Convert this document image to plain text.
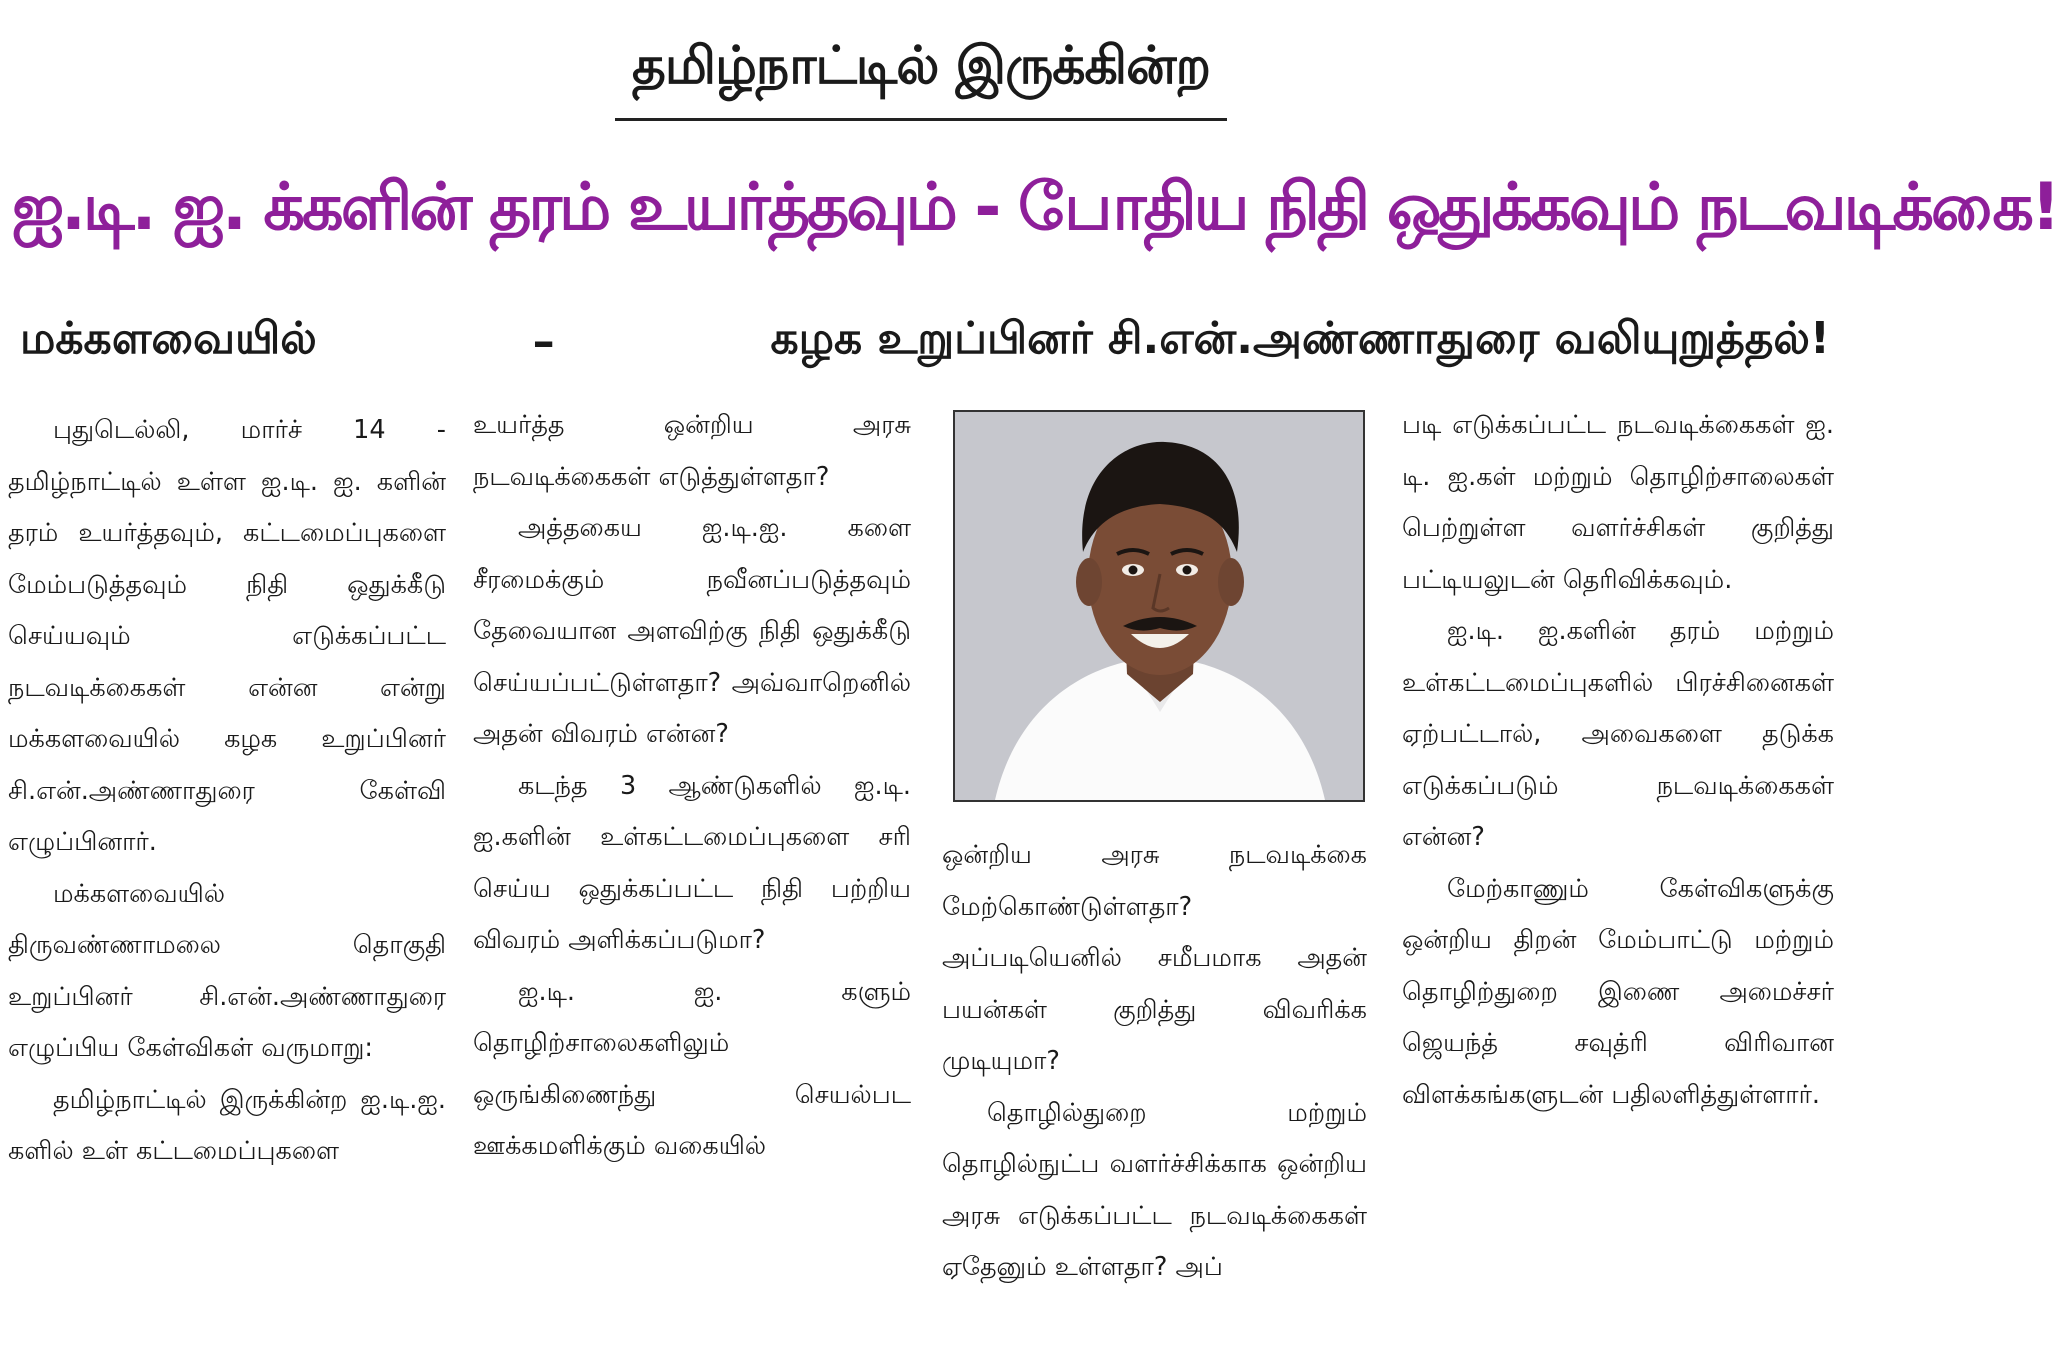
தமிழ்நாட்டில் இருக்கின்ற
ஐ.டி. ஐ. க்களின் தரம் உயர்த்தவும் - போதிய நிதி ஒதுக்கவும் நடவடிக்கை!
மக்களவையில்	–	கழக உறுப்பினர் சி.என்.அண்ணாதுரை வலியுறுத்தல்!

புதுடெல்லி, மார்ச் 14 - தமிழ்நாட்டில் உள்ள ஐ.டி. ஐ. களின் தரம் உயர்த்தவும், கட்டமைப்புகளை மேம்படுத்தவும் நிதி ஒதுக்கீடு செய்யவும் எடுக்கப்பட்ட நடவடிக்கைகள் என்ன என்று மக்களவையில் கழக உறுப்பினர் சி.என்.அண்ணாதுரை கேள்வி எழுப்பினார்.

மக்களவையில் திருவண்ணாமலை தொகுதி உறுப்பினர் சி.என்.அண்ணாதுரை எழுப்பிய கேள்விகள் வருமாறு:

தமிழ்நாட்டில் இருக்கின்ற ஐ.டி.ஐ. களில் உள் கட்டமைப்புகளை

உயர்த்த ஒன்றிய அரசு நடவடிக்கைகள் எடுத்துள்ளதா?

அத்தகைய ஐ.டி.ஐ. களை சீரமைக்கும் நவீனப்படுத்தவும் தேவையான அளவிற்கு நிதி ஒதுக்கீடு செய்யப்பட்டுள்ளதா? அவ்வாறெனில் அதன் விவரம் என்ன?

கடந்த 3 ஆண்டுகளில் ஐ.டி. ஐ.களின் உள்கட்டமைப்புகளை சரி செய்ய ஒதுக்கப்பட்ட நிதி பற்றிய விவரம் அளிக்கப்படுமா?

ஐ.டி. ஐ. களும் தொழிற்சாலைகளிலும் ஒருங்கிணைந்து செயல்பட ஊக்கமளிக்கும் வகையில்

ஒன்றிய அரசு நடவடிக்கை மேற்கொண்டுள்ளதா? அப்படியெனில் சமீபமாக அதன் பயன்கள் குறித்து விவரிக்க முடியுமா?

தொழில்துறை மற்றும் தொழில்நுட்ப வளர்ச்சிக்காக ஒன்றிய அரசு எடுக்கப்பட்ட நடவடிக்கைகள் ஏதேனும் உள்ளதா? அப்

படி எடுக்கப்பட்ட நடவடிக்கைகள் ஐ. டி. ஐ.கள் மற்றும் தொழிற்சாலைகள் பெற்றுள்ள வளர்ச்சிகள் குறித்து பட்டியலுடன் தெரிவிக்கவும்.

ஐ.டி. ஐ.களின் தரம் மற்றும் உள்கட்டமைப்புகளில் பிரச்சினைகள் ஏற்பட்டால், அவைகளை தடுக்க எடுக்கப்படும் நடவடிக்கைகள் என்ன?

மேற்காணும் கேள்விகளுக்கு ஒன்றிய திறன் மேம்பாட்டு மற்றும் தொழிற்துறை இணை அமைச்சர் ஜெயந்த் சவுத்ரி விரிவான விளக்கங்களுடன் பதிலளித்துள்ளார்.
